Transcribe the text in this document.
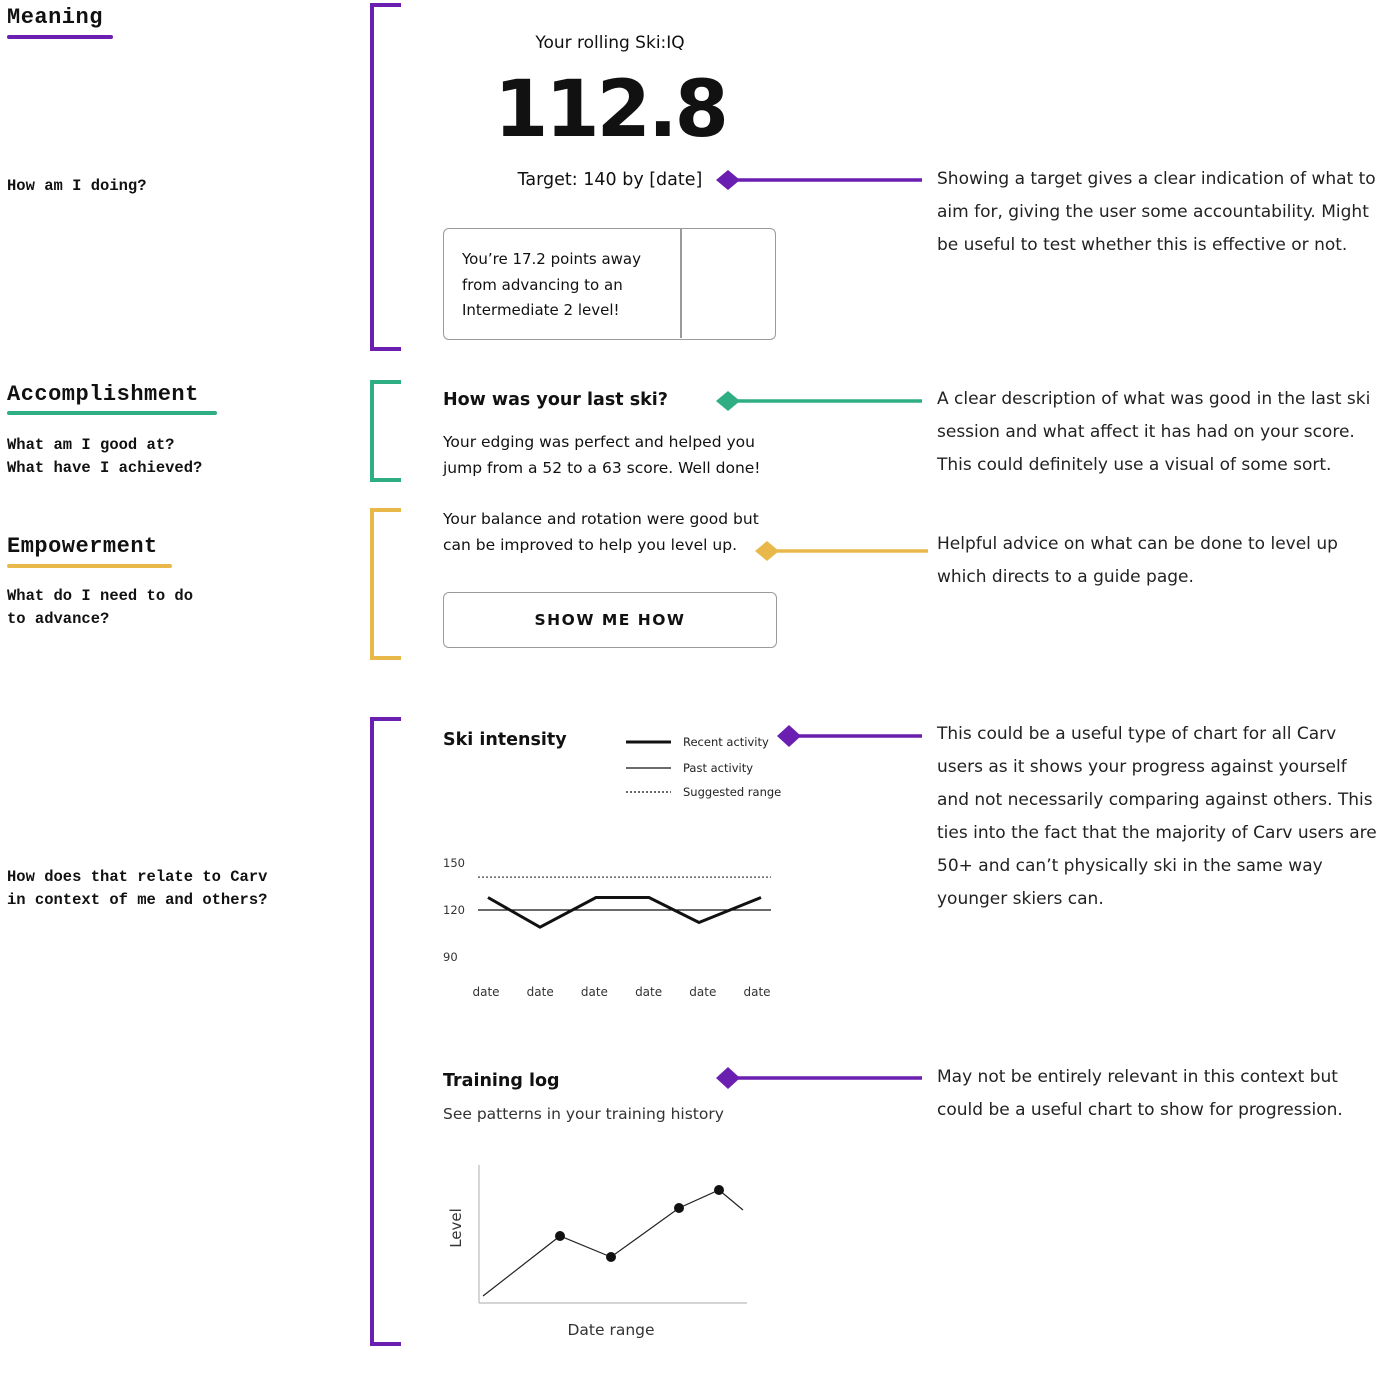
Meaning
How am I doing?
Accomplishment
What am I good at?
What have I achieved?
Empowerment
What do I need to do
to advance?
How does that relate to Carv
in context of me and others?
Your rolling Ski:IQ
112.8
Target: 140 by [date]
You’re 17.2 points away from advancing to an Intermediate 2 level!
How was your last ski?
Your edging was perfect and helped you jump from a 52 to a 63 score. Well done!
Your balance and rotation were good but can be improved to help you level up.
SHOW ME HOW
Showing a target gives a clear indication of what to aim for, giving the user some accountability. Might be useful to test whether this is effective or not.
A clear description of what was good in the last ski session and what affect it has had on your score. This could definitely use a visual of some sort.
Helpful advice on what can be done to level up which directs to a guide page.
This could be a useful type of chart for all Carv users as it shows your progress against yourself and not necessarily comparing against others. This ties into the fact that the majority of Carv users are 50+ and can’t physically ski in the same way younger skiers can.
May not be entirely relevant in this context but could be a useful chart to show for progression.
Ski intensity	Recent activity
Past activity
Suggested range
150
120
90
date date date date date date
Training log
See patterns in your training history
Level
Date range
